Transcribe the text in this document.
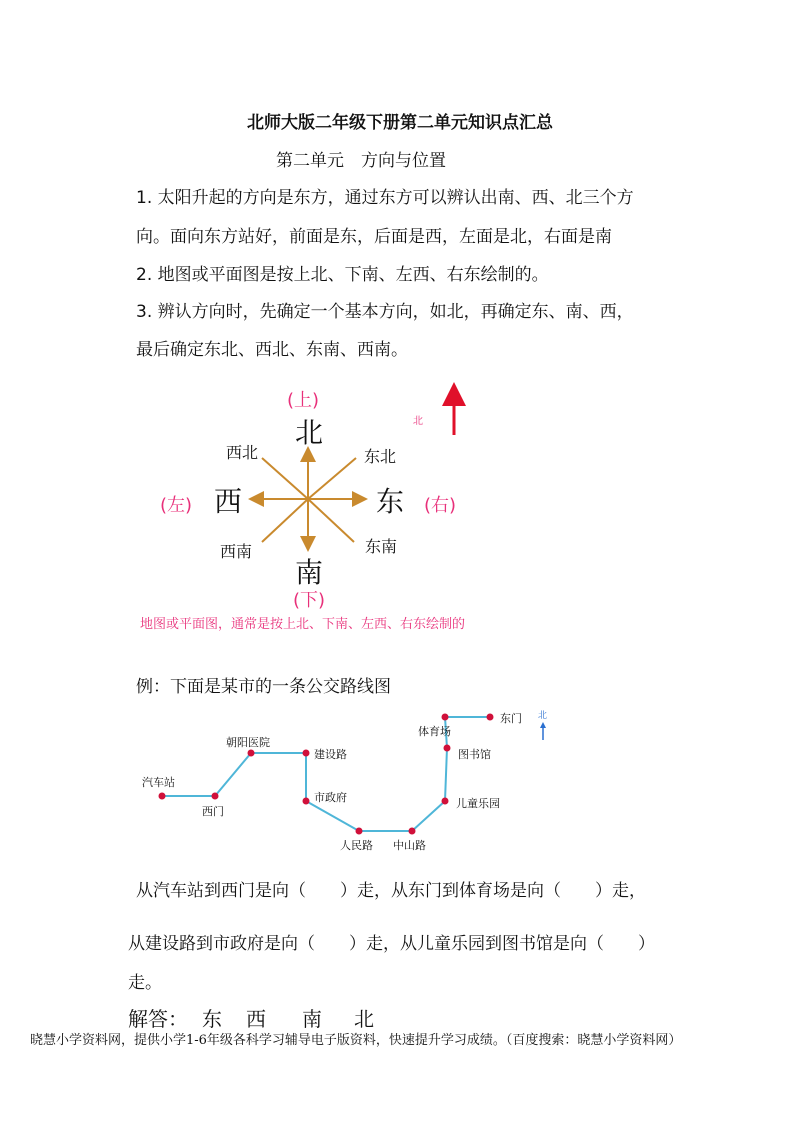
北师大版二年级下册第二单元知识点汇总
第二单元　方向与位置
1. 太阳升起的方向是东方，通过东方可以辨认出南、西、北三个方
向。面向东方站好，前面是东，后面是西，左面是北，右面是南
2. 地图或平面图是按上北、下南、左西、右东绘制的。
3. 辨认方向时，先确定一个基本方向，如北，再确定东、南、西，
最后确定东北、西北、东南、西南。
(上)
北
南
(下)
西
(左)	东 (右)
西北	东北
西南	东南
北
地图或平面图，通常是按上北、下南、左西、右东绘制的
例：下面是某市的一条公交路线图
汽车站
西门
朝阳医院
建设路
市政府
人民路 中山路
儿童乐园
图书馆
体育场
东门 北
从汽车站到西门是向（　　）走，从东门到体育场是向（　　）走，
从建设路到市政府是向（　　）走，从儿童乐园到图书馆是向（　　）
走。
解答： 东 西 南 北
晓慧小学资料网，提供小学1-6年级各科学习辅导电子版资料，快速提升学习成绩。（百度搜索：晓慧小学资料网）
